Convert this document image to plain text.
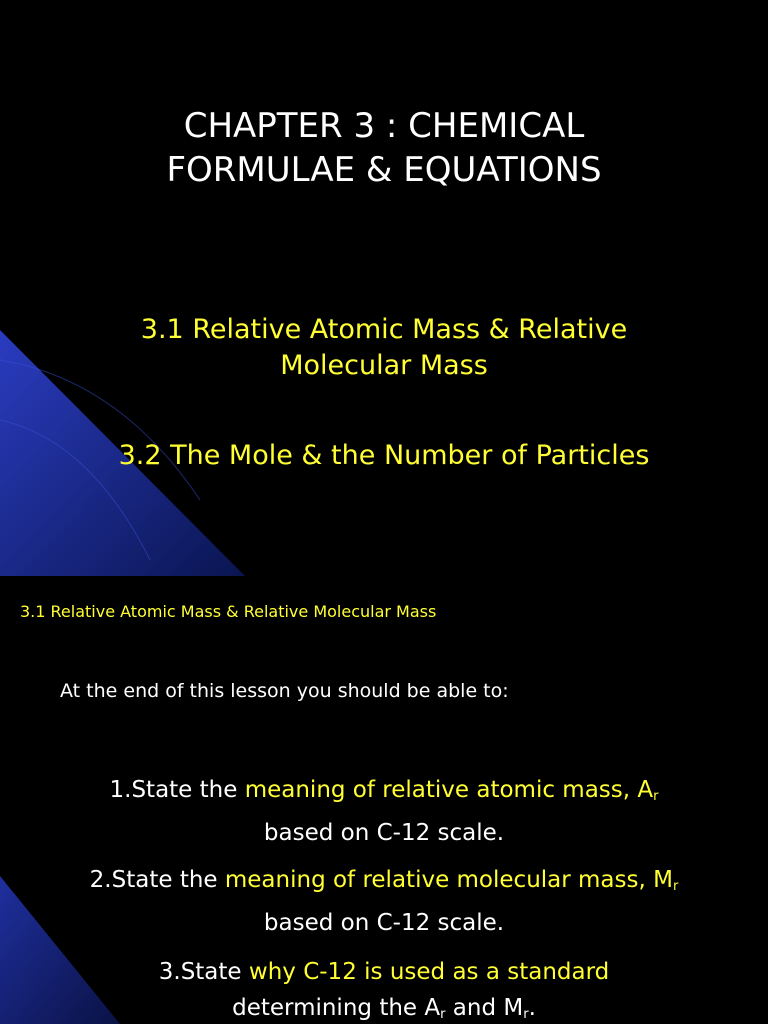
CHAPTER 3 : CHEMICAL
FORMULAE & EQUATIONS
3.1 Relative Atomic Mass & Relative
Molecular Mass
3.2 The Mole & the Number of Particles
3.1 Relative Atomic Mass & Relative Molecular Mass
At the end of this lesson you should be able to:
1.State the meaning of relative atomic mass, Ar
based on C-12 scale.
2.State the meaning of relative molecular mass, Mr
based on C-12 scale.
3.State why C-12 is used as a standard
determining the Ar and Mr.
